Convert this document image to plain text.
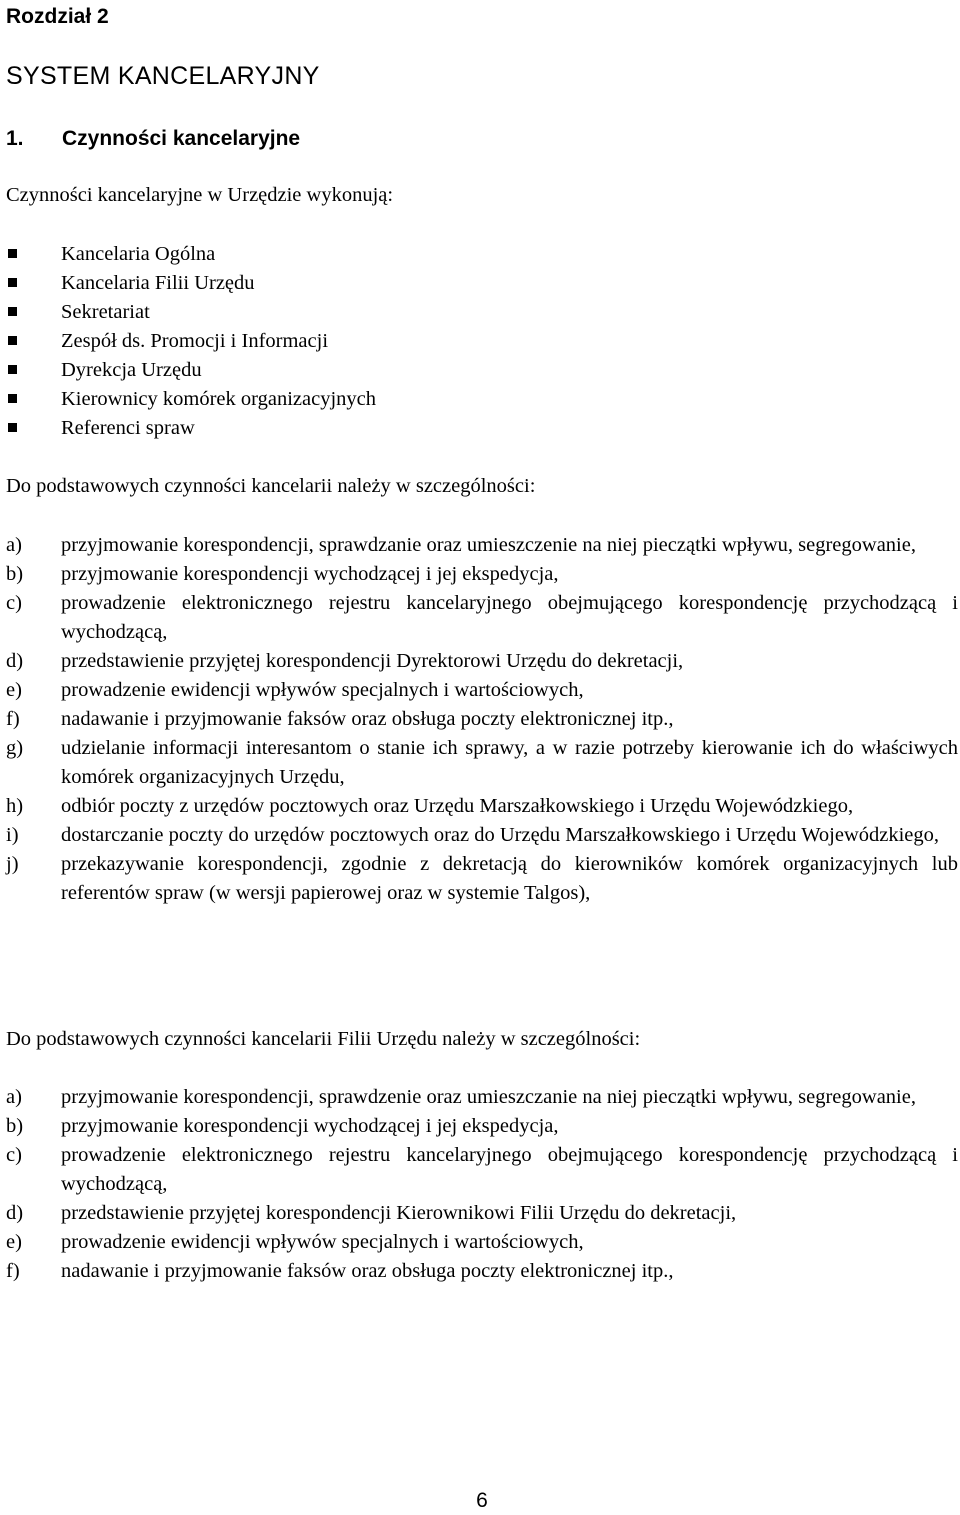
Rozdział 2

SYSTEM KANCELARYJNY

1. Czynności kancelaryjne

Czynności kancelaryjne w Urzędzie wykonują:

Kancelaria Ogólna
Kancelaria Filii Urzędu
Sekretariat
Zespół ds. Promocji i Informacji
Dyrekcja Urzędu
Kierownicy komórek organizacyjnych
Referenci spraw

Do podstawowych czynności kancelarii należy w szczególności:

a) przyjmowanie korespondencji, sprawdzanie oraz umieszczenie na niej pieczątki wpływu, segregowanie,
b) przyjmowanie korespondencji wychodzącej i jej ekspedycja,
c) prowadzenie elektronicznego rejestru kancelaryjnego obejmującego korespondencję przychodzącą i wychodzącą,
d) przedstawienie przyjętej korespondencji Dyrektorowi Urzędu do dekretacji,
e) prowadzenie ewidencji wpływów specjalnych i wartościowych,
f) nadawanie i przyjmowanie faksów oraz obsługa poczty elektronicznej itp.,
g) udzielanie informacji interesantom o stanie ich sprawy, a w razie potrzeby kierowanie ich do właściwych komórek organizacyjnych Urzędu,
h) odbiór poczty z urzędów pocztowych oraz Urzędu Marszałkowskiego i Urzędu Wojewódzkiego,
i) dostarczanie poczty do urzędów pocztowych oraz do Urzędu Marszałkowskiego i Urzędu Wojewódzkiego,
j) przekazywanie korespondencji, zgodnie z dekretacją do kierowników komórek organizacyjnych lub referentów spraw (w wersji papierowej oraz w systemie Talgos),

Do podstawowych czynności kancelarii Filii Urzędu należy w szczególności:

a) przyjmowanie korespondencji, sprawdzenie oraz umieszczanie na niej pieczątki wpływu, segregowanie,
b) przyjmowanie korespondencji wychodzącej i jej ekspedycja,
c) prowadzenie elektronicznego rejestru kancelaryjnego obejmującego korespondencję przychodzącą i wychodzącą,
d) przedstawienie przyjętej korespondencji Kierownikowi Filii Urzędu do dekretacji,
e) prowadzenie ewidencji wpływów specjalnych i wartościowych,
f) nadawanie i przyjmowanie faksów oraz obsługa poczty elektronicznej itp.,

6
